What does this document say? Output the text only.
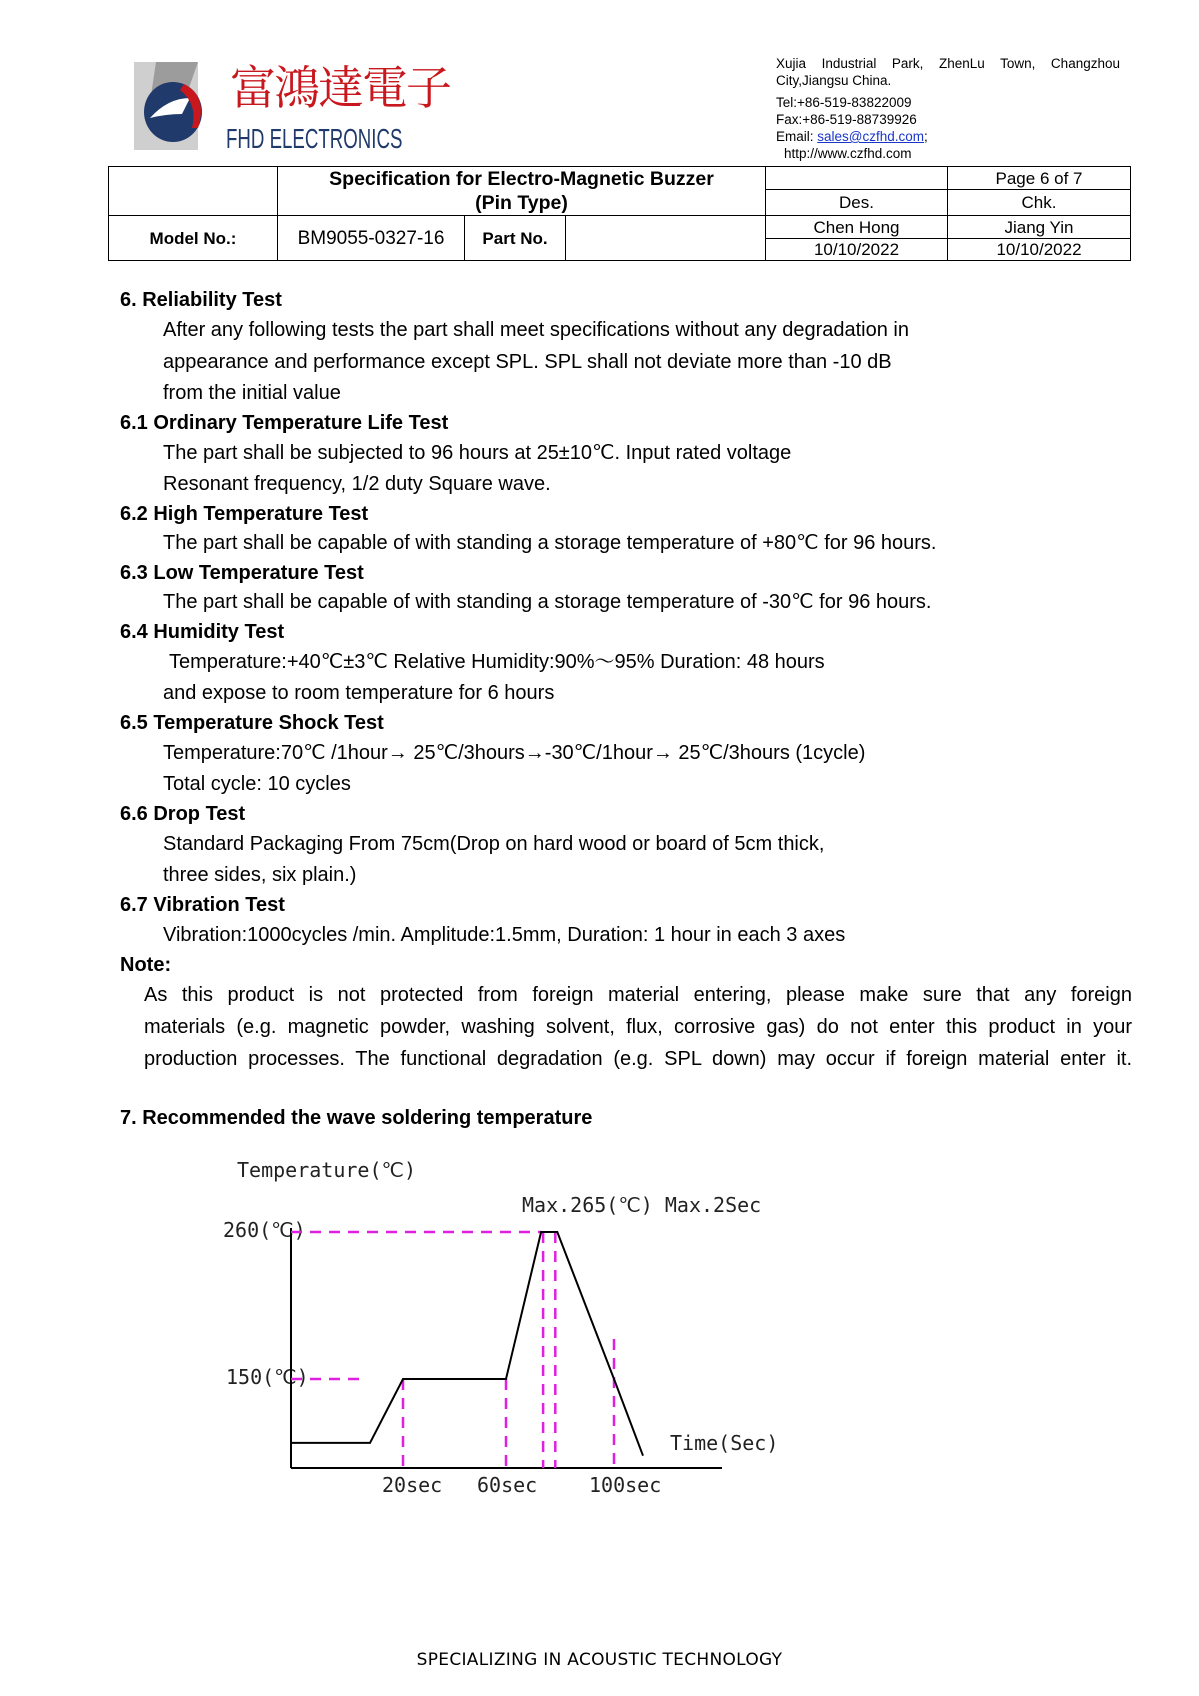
富鴻達電子
FHD ELECTRONICS
Xujia Industrial Park, ZhenLu Town, Changzhou
City,Jiangsu China.
Tel:+86-519-83822009
Fax:+86-519-88739926
Email: sales@czfhd.com;
http://www.czfhd.com
	Specification for Electro-Magnetic Buzzer
(Pin Type)				Page 6 of 7
				Des.	Chk.
Model No.:	BM9055-0327-16	Part No.		Chen Hong	Jiang Yin
				10/10/2022	10/10/2022
6. Reliability Test
After any following tests the part shall meet specifications without any degradation in
appearance and performance except SPL. SPL shall not deviate more than -10 dB
from the initial value
6.1 Ordinary Temperature Life Test
The part shall be subjected to 96 hours at 25±10℃. Input rated voltage
Resonant frequency, 1/2 duty Square wave.
6.2 High Temperature Test
The part shall be capable of with standing a storage temperature of +80℃ for 96 hours.
6.3 Low Temperature Test
The part shall be capable of with standing a storage temperature of -30℃ for 96 hours.
6.4 Humidity Test
Temperature:+40℃±3℃ Relative Humidity:90%～95% Duration: 48 hours
and expose to room temperature for 6 hours
6.5 Temperature Shock Test
Temperature:70℃ /1hour→ 25℃/3hours→-30℃/1hour→ 25℃/3hours (1cycle)
Total cycle: 10 cycles
6.6 Drop Test
Standard Packaging From 75cm(Drop on hard wood or board of 5cm thick,
three sides, six plain.)
6.7 Vibration Test
Vibration:1000cycles /min. Amplitude:1.5mm, Duration: 1 hour in each 3 axes
Note:
As this product is not protected from foreign material entering, please make sure that any foreign
materials (e.g. magnetic powder, washing solvent, flux, corrosive gas) do not enter this product in your
production processes. The functional degradation (e.g. SPL down) may occur if foreign material enter it.
7. Recommended the wave soldering temperature
Temperature(℃)
Max.265(℃) Max.2Sec
260(℃)
150(℃)
Time(Sec)
20sec 60sec	100sec
SPECIALIZING IN ACOUSTIC TECHNOLOGY
